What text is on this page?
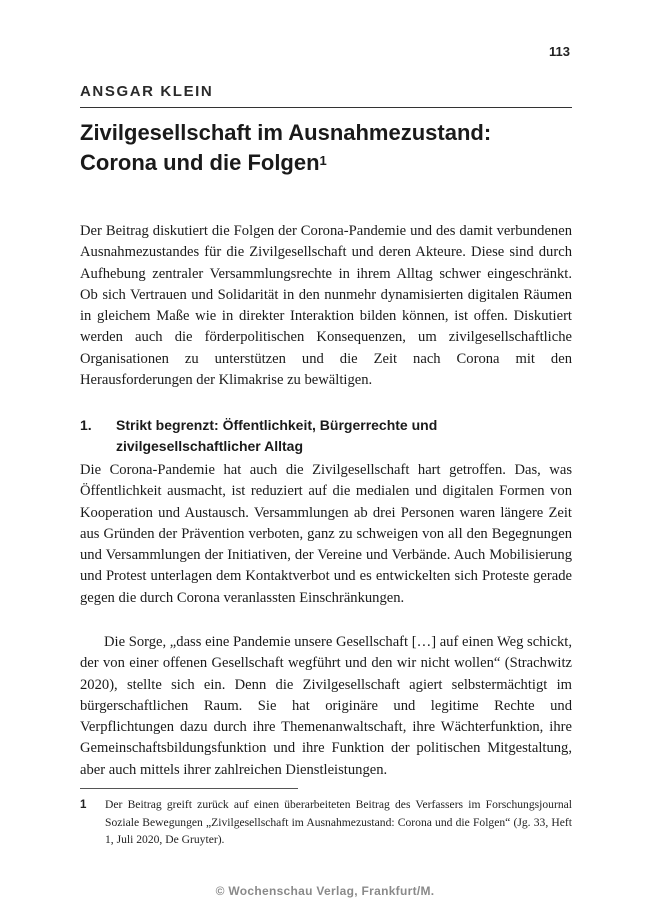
113
ANSGAR KLEIN
Zivilgesellschaft im Ausnahmezustand:
Corona und die Folgen$^1$
Der Beitrag diskutiert die Folgen der Corona-Pandemie und des damit verbundenen Ausnahmezustandes für die Zivilgesellschaft und deren Akteure. Diese sind durch Aufhebung zentraler Versammlungsrechte in ihrem Alltag schwer eingeschränkt. Ob sich Vertrauen und Solidarität in den nunmehr dynamisierten digitalen Räumen in gleichem Maße wie in direkter Interaktion bilden können, ist offen. Diskutiert werden auch die förderpolitischen Konsequenzen, um zivilgesellschaftliche Organisationen zu unterstützen und die Zeit nach Corona mit den Herausforderungen der Klimakrise zu bewältigen.
1. Strikt begrenzt: Öffentlichkeit, Bürgerrechte und zivilgesellschaftlicher Alltag
Die Corona-Pandemie hat auch die Zivilgesellschaft hart getroffen. Das, was Öffentlichkeit ausmacht, ist reduziert auf die medialen und digitalen Formen von Kooperation und Austausch. Versammlungen ab drei Personen waren längere Zeit aus Gründen der Prävention verboten, ganz zu schweigen von all den Begegnungen und Versammlungen der Initiativen, der Vereine und Verbände. Auch Mobilisierung und Protest unterlagen dem Kontaktverbot und es entwickelten sich Proteste gerade gegen die durch Corona veranlassten Einschränkungen.
Die Sorge, „dass eine Pandemie unsere Gesellschaft […] auf einen Weg schickt, der von einer offenen Gesellschaft wegführt und den wir nicht wollen“ (Strachwitz 2020), stellte sich ein. Denn die Zivilgesellschaft agiert selbstermächtigt im bürgerschaftlichen Raum. Sie hat originäre und legitime Rechte und Verpflichtungen dazu durch ihre Themenanwaltschaft, ihre Wächterfunktion, ihre Gemeinschaftsbildungsfunktion und ihre Funktion der politischen Mitgestaltung, aber auch mittels ihrer zahlreichen Dienstleistungen.
1 Der Beitrag greift zurück auf einen überarbeiteten Beitrag des Verfassers im Forschungsjournal Soziale Bewegungen „Zivilgesellschaft im Ausnahmezustand: Corona und die Folgen“ (Jg. 33, Heft 1, Juli 2020, De Gruyter).
© Wochenschau Verlag, Frankfurt/M.
